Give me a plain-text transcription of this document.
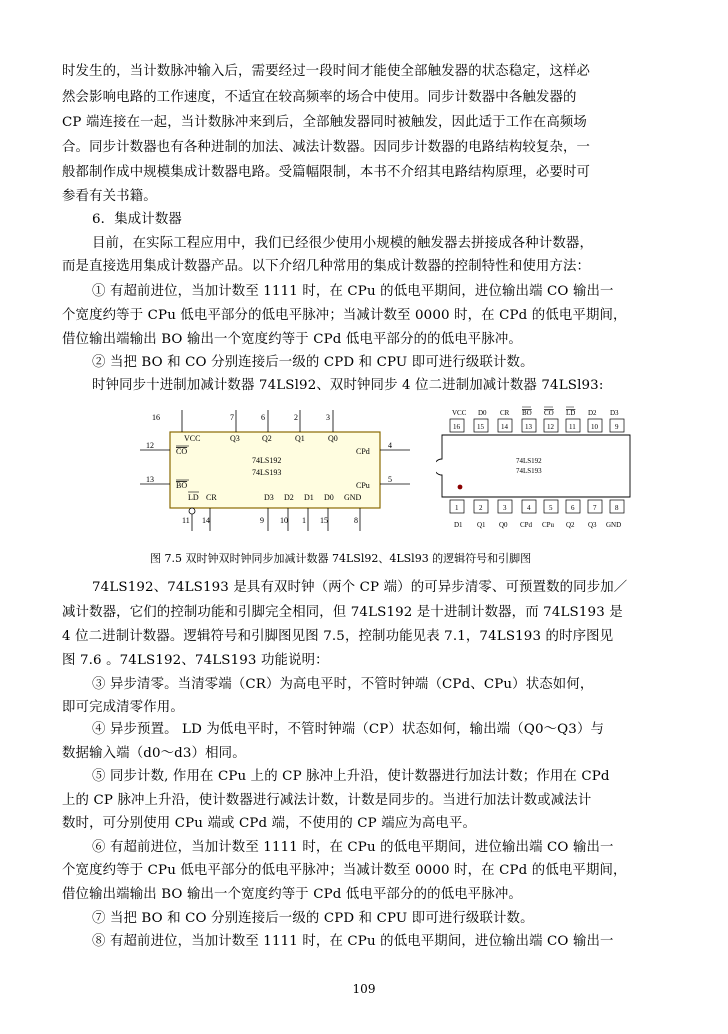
时发生的，当计数脉冲输入后，需要经过一段时间才能使全部触发器的状态稳定，这样必
然会影响电路的工作速度，不适宜在较高频率的场合中使用。同步计数器中各触发器的
CP 端连接在一起，当计数脉冲来到后，全部触发器同时被触发，因此适于工作在高频场
合。同步计数器也有各种进制的加法、减法计数器。因同步计数器的电路结构较复杂，一
般都制作成中规模集成计数器电路。受篇幅限制，本书不介绍其电路结构原理，必要时可
参看有关书籍。
6．集成计数器
目前，在实际工程应用中，我们已经很少使用小规模的触发器去拼接成各种计数器，
而是直接选用集成计数器产品。以下介绍几种常用的集成计数器的控制特性和使用方法：
① 有超前进位，当加计数至 1111 时，在 CPu 的低电平期间，进位输出端 CO 输出一
个宽度约等于 CPu 低电平部分的低电平脉冲；当减计数至 0000 时，在 CPd 的低电平期间，
借位输出端输出 BO 输出一个宽度约等于 CPd 低电平部分的的低电平脉冲。
② 当把 BO 和 CO 分别连接后一级的 CPD 和 CPU 即可进行级联计数。
时钟同步十进制加减计数器 74LSl92、双时钟同步 4 位二进制加减计数器 74LSl93:
16	7	6	2	3
VCC	Q3	Q2	Q1	Q0
12
13
CO
BO
4
5
CPd
CPu
74LS192
74LS193
LD CR	D3 D2 D1 D0 GND
11 14	9 10 1 15	8
VCC D0 CR BO CO LD D2 D3
16 15 14 13 12 11 10 9
74LS192
74LS193
1	2	3	4	5	6	7	8
D1 Q1 Q0 CPd CPu Q2 Q3 GND
图 7.5 双时钟双时钟同步加减计数器 74LSl92、4LSl93 的逻辑符号和引脚图
74LS192、74LS193 是具有双时钟（两个 CP 端）的可异步清零、可预置数的同步加／
减计数器，它们的控制功能和引脚完全相同，但 74LS192 是十进制计数器，而 74LS193 是
4 位二进制计数器。逻辑符号和引脚图见图 7.5，控制功能见表 7.1，74LS193 的时序图见
图 7.6 。74LS192、74LS193 功能说明：
③ 异步清零。当清零端（CR）为高电平时，不管时钟端（CPd、CPu）状态如何，
即可完成清零作用。
④ 异步预置。 LD 为低电平时，不管时钟端（CP）状态如何，输出端（Q0～Q3）与
数据输入端（d0～d3）相同。
⑤ 同步计数, 作用在 CPu 上的 CP 脉冲上升沿，使计数器进行加法计数；作用在 CPd
上的 CP 脉冲上升沿，使计数器进行减法计数，计数是同步的。当进行加法计数或减法计
数时，可分别使用 CPu 端或 CPd 端，不使用的 CP 端应为高电平。
⑥ 有超前进位，当加计数至 1111 时，在 CPu 的低电平期间，进位输出端 CO 输出一
个宽度约等于 CPu 低电平部分的低电平脉冲；当减计数至 0000 时，在 CPd 的低电平期间，
借位输出端输出 BO 输出一个宽度约等于 CPd 低电平部分的的低电平脉冲。
⑦ 当把 BO 和 CO 分别连接后一级的 CPD 和 CPU 即可进行级联计数。
⑧ 有超前进位，当加计数至 1111 时，在 CPu 的低电平期间，进位输出端 CO 输出一
109
